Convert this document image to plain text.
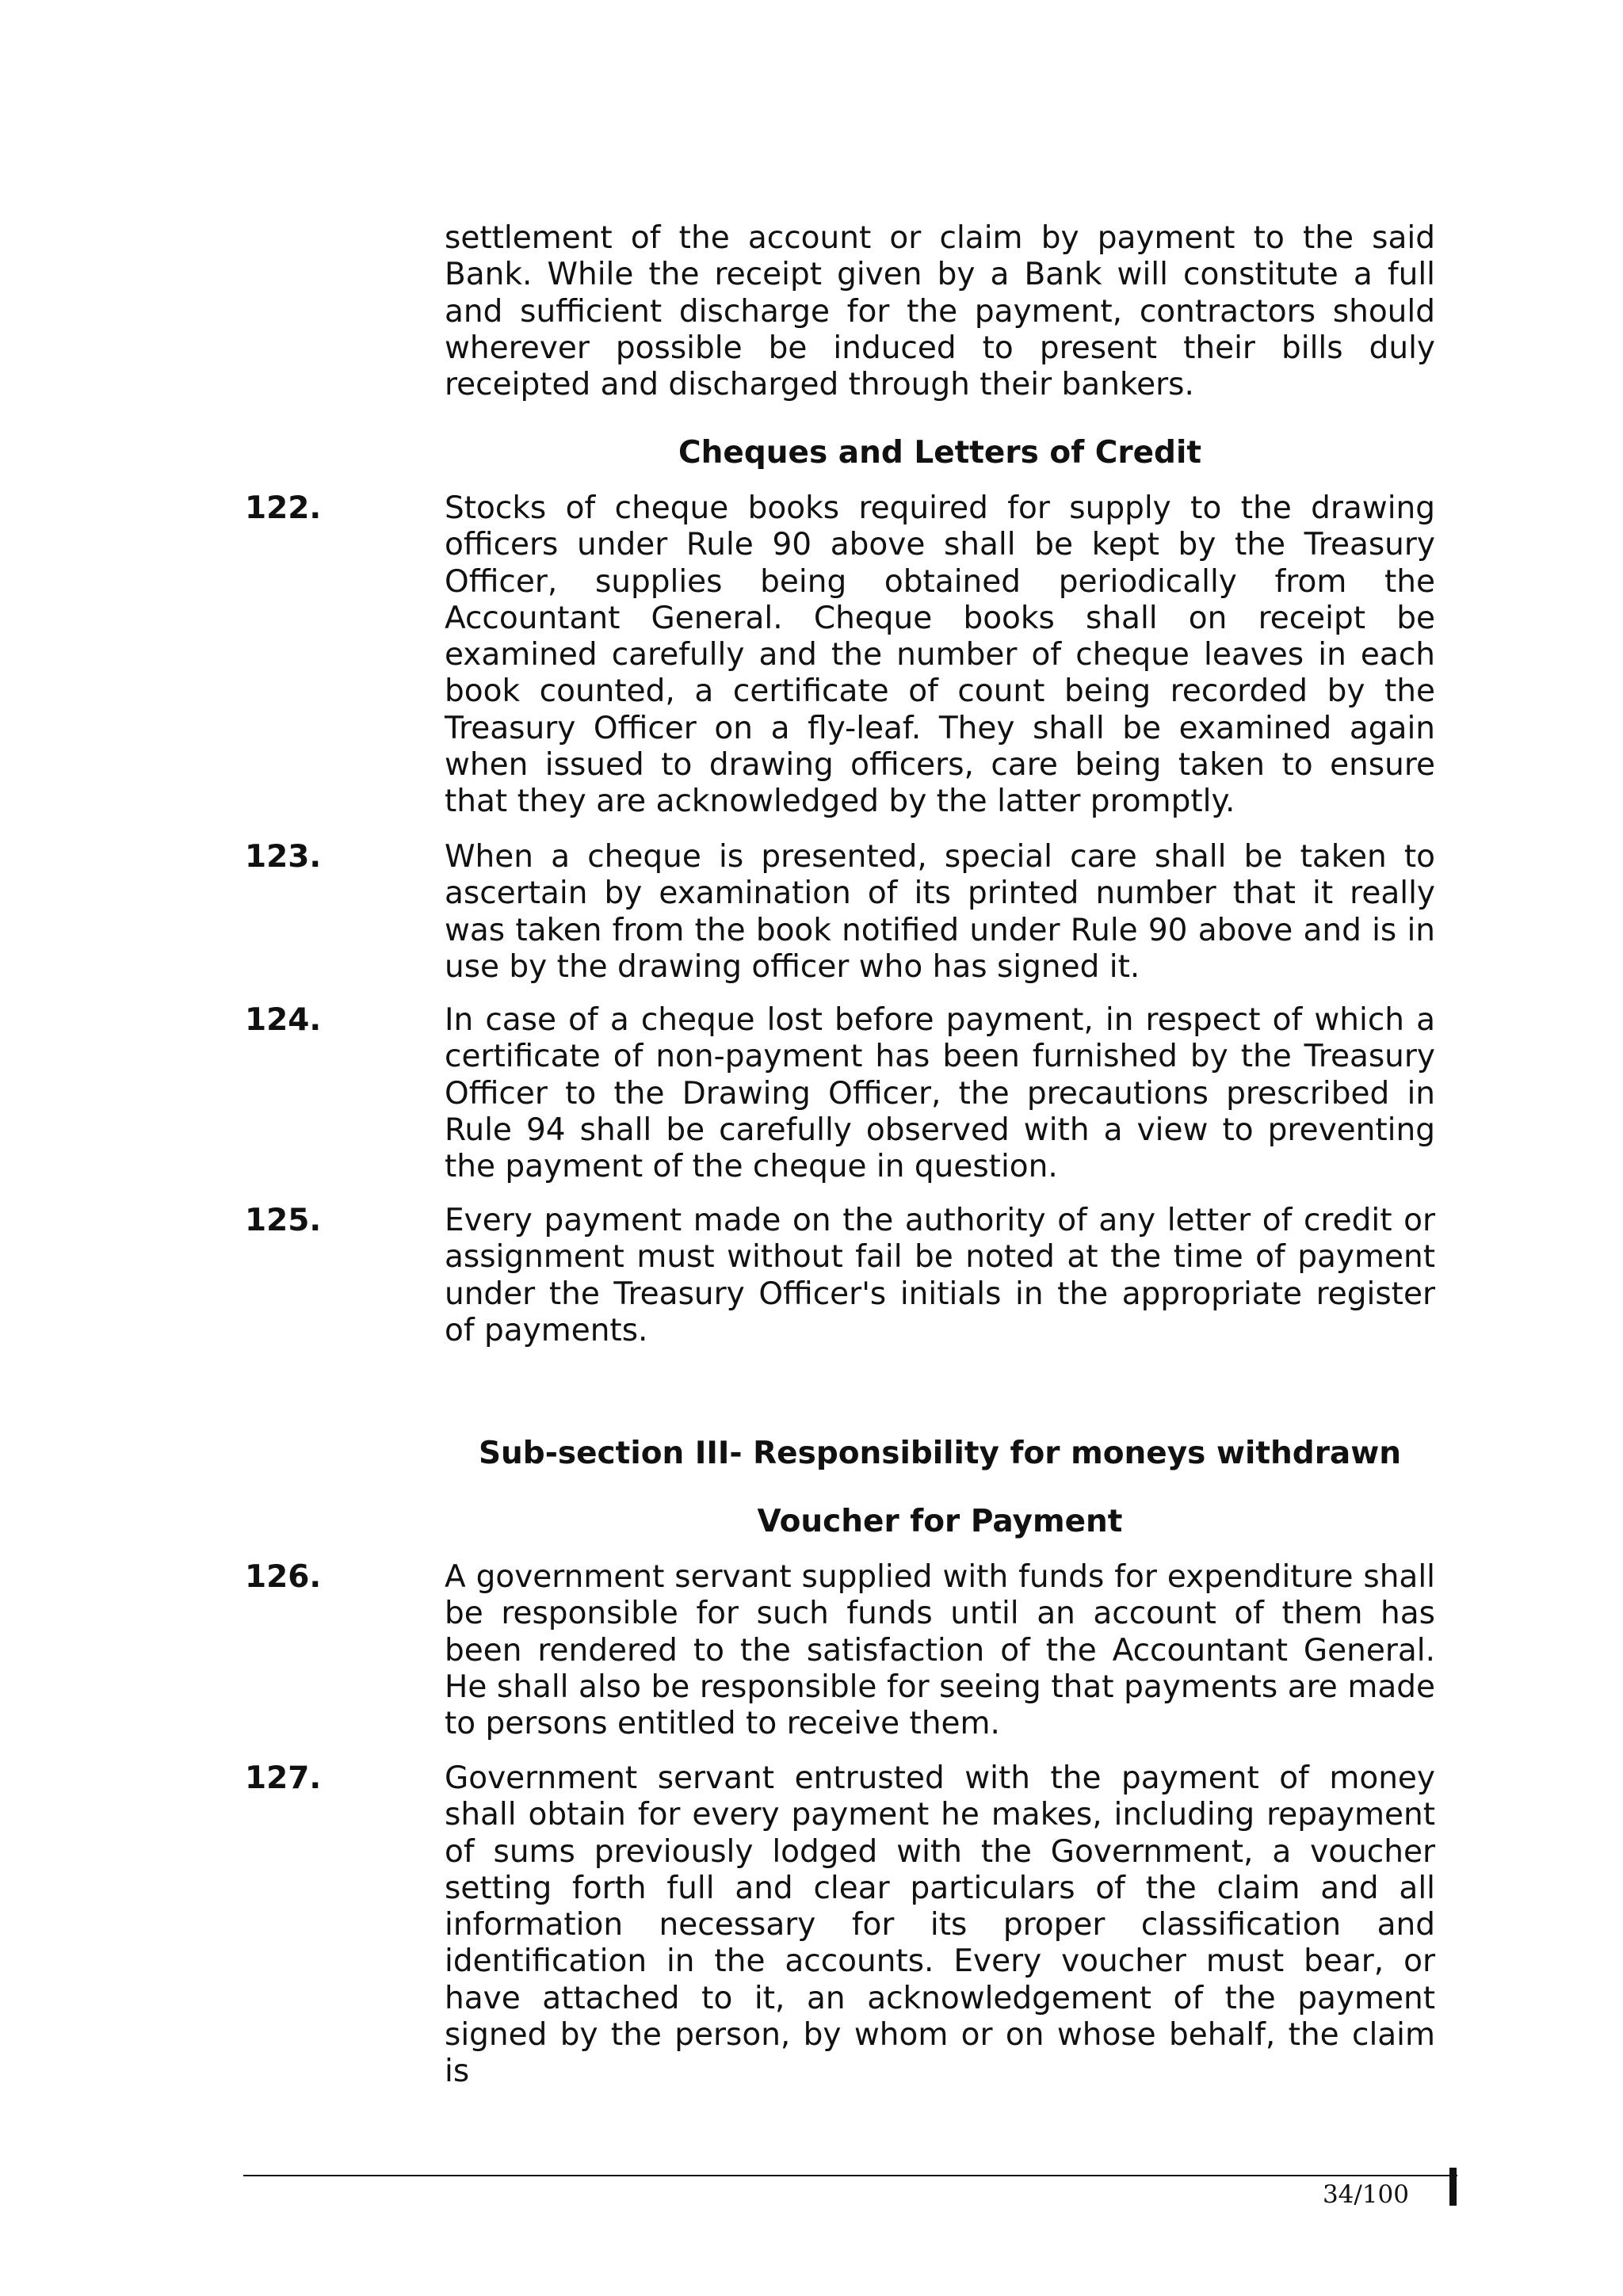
settlement of the account or claim by payment to the said Bank. While the receipt given by a Bank will constitute a full and sufficient discharge for the payment, contractors should wherever possible be induced to present their bills duly receipted and discharged through their bankers.

Cheques and Letters of Credit

122.	Stocks of cheque books required for supply to the drawing officers under Rule 90 above shall be kept by the Treasury Officer, supplies being obtained periodically from the Accountant General. Cheque books shall on receipt be examined carefully and the number of cheque leaves in each book counted, a certificate of count being recorded by the Treasury Officer on a fly-leaf. They shall be examined again when issued to drawing officers, care being taken to ensure that they are acknowledged by the latter promptly.

123.	When a cheque is presented, special care shall be taken to ascertain by examination of its printed number that it really was taken from the book notified under Rule 90 above and is in use by the drawing officer who has signed it.

124.	In case of a cheque lost before payment, in respect of which a certificate of non-payment has been furnished by the Treasury Officer to the Drawing Officer, the precautions prescribed in Rule 94 shall be carefully observed with a view to preventing the payment of the cheque in question.

125.	Every payment made on the authority of any letter of credit or assignment must without fail be noted at the time of payment under the Treasury Officer's initials in the appropriate register of payments.

Sub-section III- Responsibility for moneys withdrawn

Voucher for Payment

126.	A government servant supplied with funds for expenditure shall be responsible for such funds until an account of them has been rendered to the satisfaction of the Accountant General. He shall also be responsible for seeing that payments are made to persons entitled to receive them.

127.	Government servant entrusted with the payment of money shall obtain for every payment he makes, including repayment of sums previously lodged with the Government, a voucher setting forth full and clear particulars of the claim and all information necessary for its proper classification and identification in the accounts. Every voucher must bear, or have attached to it, an acknowledgement of the payment signed by the person, by whom or on whose behalf, the claim is

34/100
